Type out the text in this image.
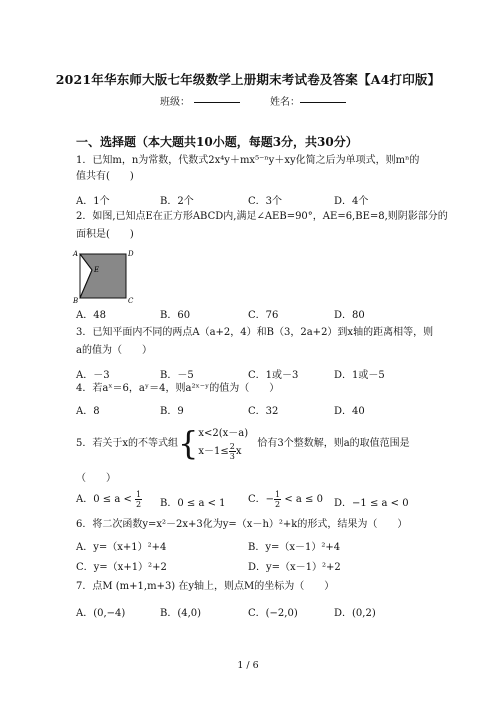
2021年华东师大版七年级数学上册期末考试卷及答案【A4打印版】
班级：	姓名：
一、选择题（本大题共10小题，每题3分，共30分）
1．已知m，n为常数，代数式2x⁴y＋mx⁵⁻ⁿy＋xy化简之后为单项式，则mⁿ的
值共有(　　)
A．1个	B．2个	C．3个	D．4个
2．如图,已知点E在正方形ABCD内,满足∠AEB=90°，AE=6,BE=8,则阴影部分的
面积是(　　)
A	D
B	C
E
A．48	B．60	C．76	D．80
3．已知平面内不同的两点A（a+2，4）和B（3，2a+2）到x轴的距离相等，则
a的值为（　　）
A．－3	B．－5	C．1或－3	D．1或－5
4．若aˣ＝6，aʸ＝4，则a²ˣ⁻ʸ的值为（　　）
A．8	B．9	C．32	D．40
5．若关于x的不等式组{ x<2(x－a)
$x-1\le \frac{2}{3}$ x
恰有3个整数解，则a的取值范围是
（　　）
A．$0 \le a < \frac{1}{2}$ B．0 ≤ a < 1 C．− $\frac{1}{2} < a \le 0$ D．−1 ≤ a < 0
6．将二次函数y=x²－2x+3化为y=（x－h）²+k的形式，结果为（　　）
A．y=（x+1）²+4	B．y=（x－1）²+4
C．y=（x+1）²+2	D．y=（x－1）²+2
7．点M (m+1,m+3) 在y轴上，则点M的坐标为（　　）
A．(0,−4)	B．(4,0)	C．(−2,0)	D．(0,2)
1 / 6
